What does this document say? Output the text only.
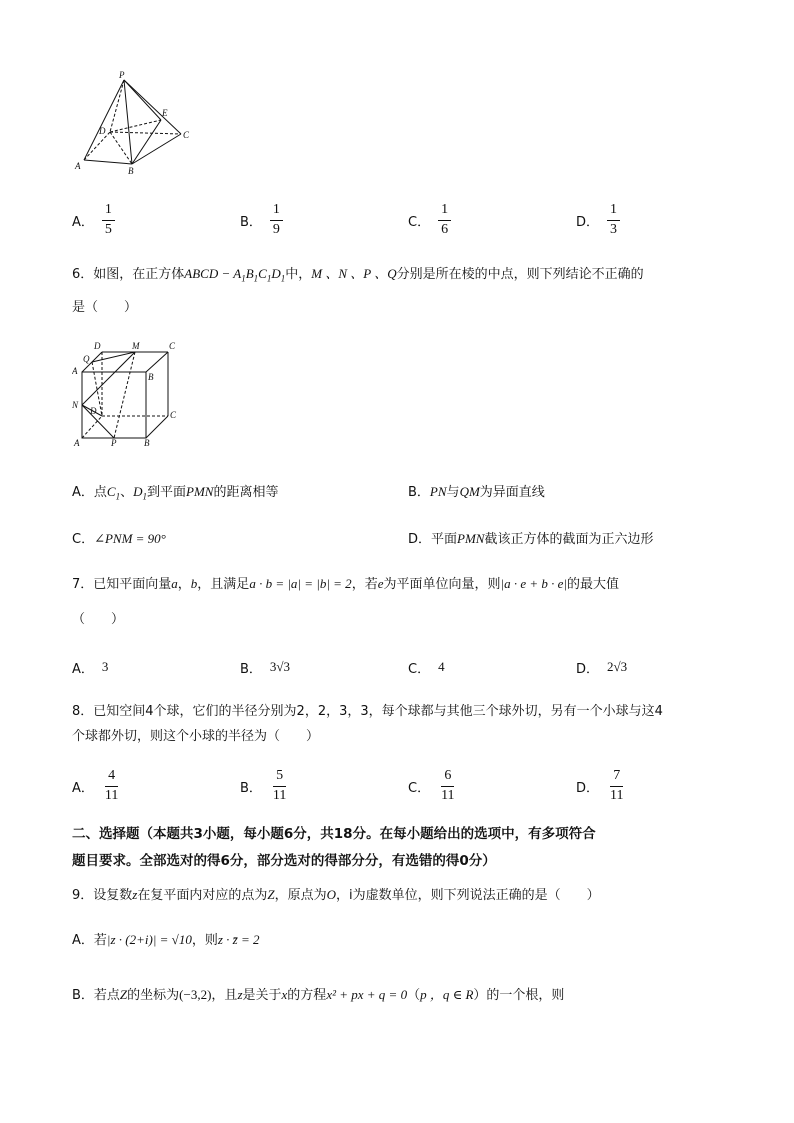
P
E
C
D
A	B
A． $\frac{1}{5}$	B． $\frac{1}{9}$	C． $\frac{1}{6}$	D． $\frac{1}{3}$
6．如图，在正方体ABCD − $A_1B_1C_1D_1$中，M 、N 、P 、Q分别是所在棱的中点，则下列结论不正确的
是（　　）
D	C
Q
M
A
B
N
D	C
A	P	B
A．点$C_1$、$D_1$到平面PMN的距离相等	B．PN与QM为异面直线
C．∠PNM = 90°	D．平面PMN截该正方体的截面为正六边形
7．已知平面向量a，b，且满足a · b = |a| = |b| = 2，若e为平面单位向量，则|a · e + b · e|的最大值
（　　）
A． 3	B． 3√3	C． 4	D． 2√3
8．已知空间4个球，它们的半径分别为2，2，3，3，每个球都与其他三个球外切，另有一个小球与这4
个球都外切，则这个小球的半径为（　　）
A． $\frac{4}{11}$	B． $\frac{5}{11}$	C． $\frac{6}{11}$	D． $\frac{7}{11}$
二、选择题（本题共3小题，每小题6分，共18分。在每小题给出的选项中，有多项符合
题目要求。全部选对的得6分，部分选对的得部分分，有选错的得0分）
9．设复数z在复平面内对应的点为Z，原点为O，i为虚数单位，则下列说法正确的是（　　）
A．若|z · (2+i)| = √10，则z · z̄ = 2
B．若点Z的坐标为(−3,2)，且z是关于x的方程x² + px + q = 0（p ，q ∈ R）的一个根，则
